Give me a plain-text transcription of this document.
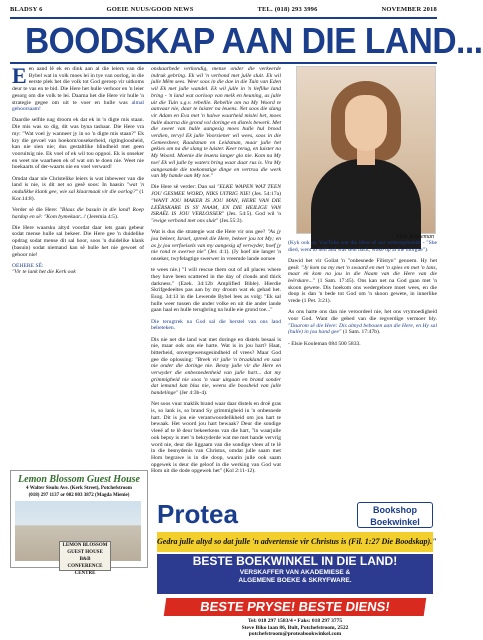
BLADSY 6	GOEIE NUUS/GOOD NEWS	TEL. (018) 293 3996	NOVEMBER 2018
BOODSKAP AAN DIE LAND...

Een aand lê ek en dink aan al die leiers van die Bybel wat in volk moes lei in tye van oorlog, in die eerste plek het die volk tot God geroep vir uitkoms deur te vas en te bid. Die Here het hulle verhoor en 'n leier gesorg om die volk te lei. Daarna het die Here vir hulle 'n strategie gegee om uit te voer en hulle was almal gehoorsaam!

Daardie selfde nag droom ek dat ek in 'n digte mis staan. Die mis was so dig, dit was byna tasbaar. Die Here vra my: "Wat voel jy wanneer jy in so 'n digte mis staan?" Ek kry die gevoel van hoekom/onsekerheid, rigtingloosheid, kan nie sien nie; dus gestaltlike blindheid met geen vooruitsig nie. Ek voel of ek wil tou opgooi. Ek is onseker en weet nie waarheen ek of wat om te doen nie. Weet nie hoekaarts of der-waarts nie en voel verward!

Omdat daar nie Christelike leiers is wat inbeweer van die land is nie, is dit net so gesê soos: In baasin "wat 'n ondulikke klank gee, wie sal klaarmaak vir die oorlog?" (1 Kor.14:8).

Verder sê die Here: "Blaas die basuin in die land! Roep hardop en sê: "Kom bymekaar...! (Jeremia 4:5).

Die Here waarsku altyd voordat daar iets gaan gebeur sodat mense hulle sal bekeer. Die Here gee 'n duidelike opdrag sodat mense dit sal hoor, soos 'n duidelike klank (basuin) sodat niemand kan sê hulle het nie gewoet of gehoor nie!

OEHERE SÊ:
"Vir te lank het die Kerk ook

onskaarhede verkondig, mense onder die verkeerde indruk gebring. Ek wil 'n verbond met julle sluit. Ek wil julle Mêm sees. Weer soos in die dae in die Tuin van Eden wil Ek met julle wandel. Ek wil julle in 'n lieflike land bring - 'n land wat oorloop van melk en heuning, as julle uit die Tuin s.g.v. rebellie. Rebellie om na My Woord te aanvaar nie, daar te luister na leuens. Net soos die slang vir Adam en Eva met 'n halwe waarheid mislei het, moes hulle daarna die grond vol doringe en distels bewerk. Met die sweet van hulle aangesig moes hulle hul brood verdien, tervyl Ek julle Voorsiener wil wees, soos in die Gemeesheer, Raadsman en Leidsman, maar julle het gekies om na die slang te luister. Keer terug, en luister na My Woord. Moenie die leuens langer glo nie. Kom na My toe! Ek wil julle by waters bring waar daar rus is. Vra My aangesande die toekomstige dinge en vertrou die werk van My hande aan My toe."

Die Here sê verder: Dan sal "ELKE WAPEN WAT TEEN JOU GESMEE WORD, NIKS UITRIG NIE! (Jes. 54:17a) "WANT JOU MAKER IS JOU MAN, HERE VAN DIE LEËRSKARE IS SY NAAM, EN DIE HEILIGE VAN ISRAËL IS JOU VERLOSSER" (Jes. 54:5). God wil 'n "ewige verbond met ons sluit" (Jes.55:3).

Wat is dus die strategie wat die Here vir ons gee? "As jy jou bekeer, Israel, spreek die Here, bekeer jou tot My; en as jy jou verfoeisels van my aangesig af verwyder, hoef jy nie rond te swerwe nie" (Jer. 4:1). (Jy hoef nie langer 'n onseker, twyfelagtige swerwer in vreemde lande oorsee

te wees nie.) "I will rescue them out of all places where they have been scattered in the day of clouds and thick darkness." (Ezek. 34:12b Amplified Bible). Hierdie Skrifgedeeltes pas aan by my droom wat ek gehad het. Esog. 34:13 in die Lewende Bybel lees as volg: "Ek sal hulle weer tussen die ander volke en uit die ander lande gaan haal en hulle terugbring na hulle eie grond toe..."

Die terugtrek na God sal die herstel van ons land bebeteken.

Dis nie net die land wat met doringe en distels besaai is nie, maar ook ons eie harte. Wat is in jou hart? Haat, bitterheid, onvergewensgesindheid of vrees? Maar God gee die oplossing: "Breek vir julle 'n braakland en saai nie onder die doringe nie. Besny julle vir die Here en verwyder die onbesnedenheid van julle hart... dat my grimmigheid nie soos 'n vuur uitgaan en brand sonder dat iemand kan blus nie, weens die boosheid van julle handelinge" (Jer 4:3b-4).

Net soos vuur maklik brand waar daar distels en droë gras is, so lank is, so brand Sy grimmigheid in 'n onbesnede hart. Dit is jou eie verantwoordelikheid om jou hart te bewaak. Het woord jou hart bewaak? Deur die sondige vleeë af te lê deur bekeerkens van die hart, "in waarjulle ook bepsy is met 'n bekryderde wat me met hande vervrig word nie, deur die liggaam van die sondige vlees af te lê in die besnydenis van Christus, omdat julle saam met Hom begrawe is in die doop, waarin julle ook saam opgewek is deur die geloof in die werking van God wat Hom uit die dode opgewek het" (Kol 2:11-12).

Elsie Kooleman

(Kyk ook op YouTube wat die Here sê oor weteregebonde - "She died, went to hell and was sent back, woke up at the morgue").

Dawid het vir Goliat 'n "onbesnede Filistyn" genoem. Hy het gesê: "Jy kom na my met 'n swaard en met 'n spies en met 'n lans, maar ek kom na jou in die Naam van die Here van die leërskare..." (1 Sam. 17:45). Ons kan net na God gaan met 'n skoon gewete. Dis hoekom ons wedergebore moet wees, en die doop is dan 'n bede tot God om 'n skoon gewete, in innerlike vrede (1 Pet. 3:21).

As ons harte ons dan nie veroordeel nie, het ons vrymoedigheid voor God. Want die gebed van die regverdige vermoer bly. "Daarom sê die Here: Dis almyd bebouen aan die Here, en Hy sal (hulle) in jou hand gee" (1 Sam. 17:47b).

- Elsie Kooleman 084 500 5833.

Lemon Blossom Guest House
4 Walter Sisulu Ave. (Kerk Street), Potchefstroom
(018) 297 1137 or 082 803 3872 (Magda Mienie)
LEMON BLOSSOM
GUEST HOUSE
B&B
CONFERENCE CENTRE
Protea	Bookshop
Boekwinkel
Gedra julle altyd so dat julle 'n advertensie vir Christus is (Fil. 1:27 Die Boodskap)."
BESTE BOEKWINKEL IN DIE LAND!
VERSKAFFER VAN AKADEMIESE &
ALGEMENE BOEKE & SKRYFWARE.
BESTE PRYSE! BESTE DIENS!
Tel: 018 297 1583/4 • Faks: 018 297 3775
Steve Biko laan 86, Bult, Potchefstroom, 2522
potchefstroom@proteabookwinkel.com
